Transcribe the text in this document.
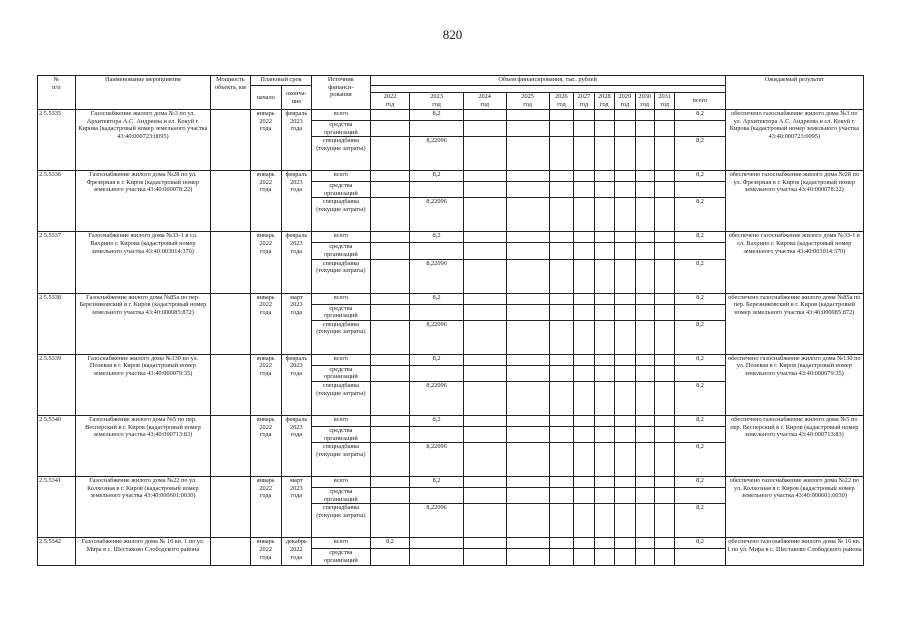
820
№
п/п	Наименование мероприятия	Мощность объекта, км	Плановый срок		Источник
финанси-
рования	Объем финансирования, тыс. рублей											Ожидаемый результат
			начало	оконча-
ние													
						2022
год	2023
год	2024
год	2025
год	2026
год	2027
год	2028
год	2029
год	2030
год	2031
год	всего	
2.5.5335	Газоснабжение жилого дома №3 по ул. Архитектора А.С. Андреева и ел. Кокуй г. Кирова (кадастровый номер земельного участка 43:40:000723:0095)		январь
2022
года	февраль
2023
года	всего		8,2									8,2	обеспечено газоснабжение жилого дома №3 по ул. Архитектора А.С. Андреева и сл. Кокуй г. Кирова (кадастровый номер земельного участка 43:40:000723:0095)
					средства организаций												
					спецнадбавка (текущие затраты)		8,22096									8,2	
2.5.5336	Газоснабжение жилого дома №28 по ул. Фрезерная в г. Киров (кадастровый номер земельного участка 43:40:000078:22)		январь
2022
года	февраль
2023
года	всего		8,2									8,2	обеспечено газоснабжение жилого дома №28 по ул. Фрезерная в г. Киров (кадастровый номер земельного участка 43:40:000078:22)
					средства организаций												
					спецнадбавка (текущие затраты)		8,22096									8,2	
2.5.5337	Газоснабжение жилого дома №33-1 в сл. Вахрино г. Кирова (кадастровый номер земельного участка 43:40:003014:370)		январь
2022
года	февраль
2023
года	всего		8,2									8,2	обеспечено газоснабжение жилого дома №33-1 в сл. Вахрино г. Кирова (кадастровый номер земельного участка 43:40:003014:370)
					средства организаций												
					спецнадбавка (текущие затраты)		8,22096									8,2	
2.5.5338	Газоснабжение жилого дома №85а по пер. Березниковский в г. Киров (кадастровый номер земельного участка 43:40:000085:872)		январь
2022
года	март
2023
года	всего		8,2									8,2	обеспечено газоснабжение жилого дома №85а по пер. Березниковский в г. Киров (кадастровый номер земельного участка 43:40:000085:872)
					средства организаций												
					спецнадбавка (текущие затраты)		8,22096									8,2	
2.5.5339	Газоснабжение жилого дома №130 по ул. Полевая в г. Киров (кадастровый номер земельного участка 43:40:000079:35)		январь
2022
года	февраль
2023
года	всего		8,2									8,2	обеспечено газоснабжение жилого дома №130 по ул. Полевая в г. Киров (кадастровый номер земельного участка 43:40:000079:35)
					средства организаций												
					спецнадбавка (текущие затраты)		8,22096									8,2	
2.5.5340	Газоснабжение жилого дома №5 по пер. Весперский в г. Киров (кадастровый номер земельного участка 43:40:000713:83)		январь
2022
года	февраль
2023
года	всего		8,2									8,2	обеспечено газоснабжение жилого дома №5 по пер. Весперский в г. Киров (кадастровый номер земельного участка 43:40:000713:83)
					средства организаций												
					спецнадбавка (текущие затраты)		8,22096									8,2	
2.5.5341	Газоснабжение жилого дома №22 по ул. Колхозная в г. Киров (кадастровый номер земельного участка 43:40:000601:0030)		январь
2022
года	март
2023
года	всего		8,2									8,2	обеспечено газоснабжение жилого дома №22 по ул. Колхозная в г. Киров (кадастровый номер земельного участка 43:40:000601:0030)
					средства организаций												
					спецнадбавка (текущие затраты)		8,22096									8,2	
2.5.5342	Газоснабжение жилого дома № 16 кв. 1 по ул. Мира в с. Шестаково Слободского района		январь
2022
года	декабрь
2022
года	всего	8,2										8,2	обеспечено газоснабжение жилого дома № 16 кв. 1 по ул. Мира в с. Шестаково Слободского района
					средства организаций												
